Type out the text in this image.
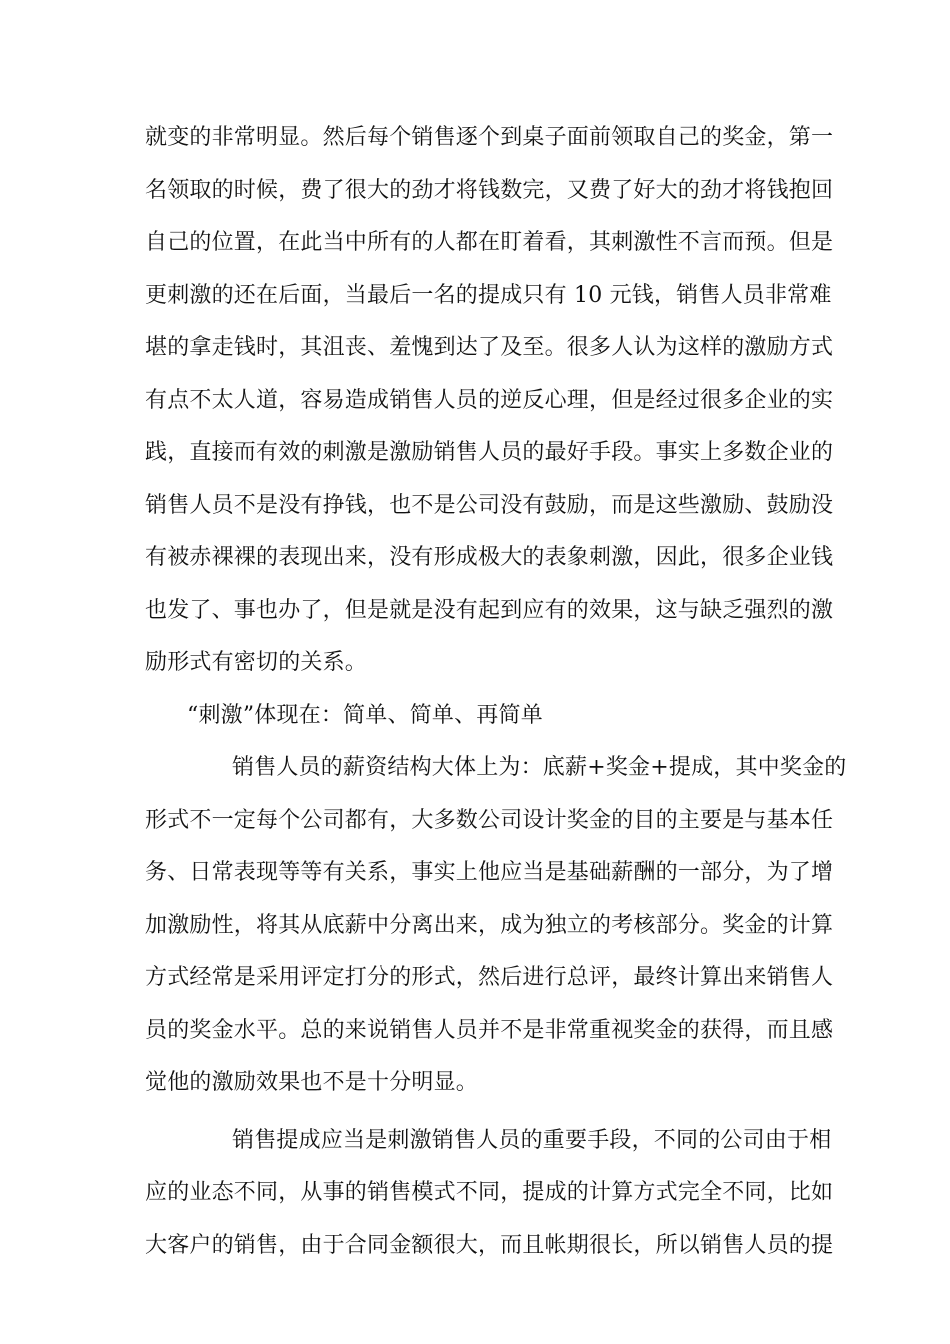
就变的非常明显。然后每个销售逐个到桌子面前领取自己的奖金，第一
名领取的时候，费了很大的劲才将钱数完，又费了好大的劲才将钱抱回
自己的位置，在此当中所有的人都在盯着看，其刺激性不言而预。但是
更刺激的还在后面，当最后一名的提成只有 10 元钱，销售人员非常难
堪的拿走钱时，其沮丧、羞愧到达了及至。很多人认为这样的激励方式
有点不太人道，容易造成销售人员的逆反心理，但是经过很多企业的实
践，直接而有效的刺激是激励销售人员的最好手段。事实上多数企业的
销售人员不是没有挣钱，也不是公司没有鼓励，而是这些激励、鼓励没
有被赤裸裸的表现出来，没有形成极大的表象刺激，因此，很多企业钱
也发了、事也办了，但是就是没有起到应有的效果，这与缺乏强烈的激
励形式有密切的关系。
“刺激”体现在：简单、简单、再简单
销售人员的薪资结构大体上为：底薪+奖金+提成，其中奖金的
形式不一定每个公司都有，大多数公司设计奖金的目的主要是与基本任
务、日常表现等等有关系，事实上他应当是基础薪酬的一部分，为了增
加激励性，将其从底薪中分离出来，成为独立的考核部分。奖金的计算
方式经常是采用评定打分的形式，然后进行总评，最终计算出来销售人
员的奖金水平。总的来说销售人员并不是非常重视奖金的获得，而且感
觉他的激励效果也不是十分明显。
销售提成应当是刺激销售人员的重要手段，不同的公司由于相
应的业态不同，从事的销售模式不同，提成的计算方式完全不同，比如
大客户的销售，由于合同金额很大，而且帐期很长，所以销售人员的提
